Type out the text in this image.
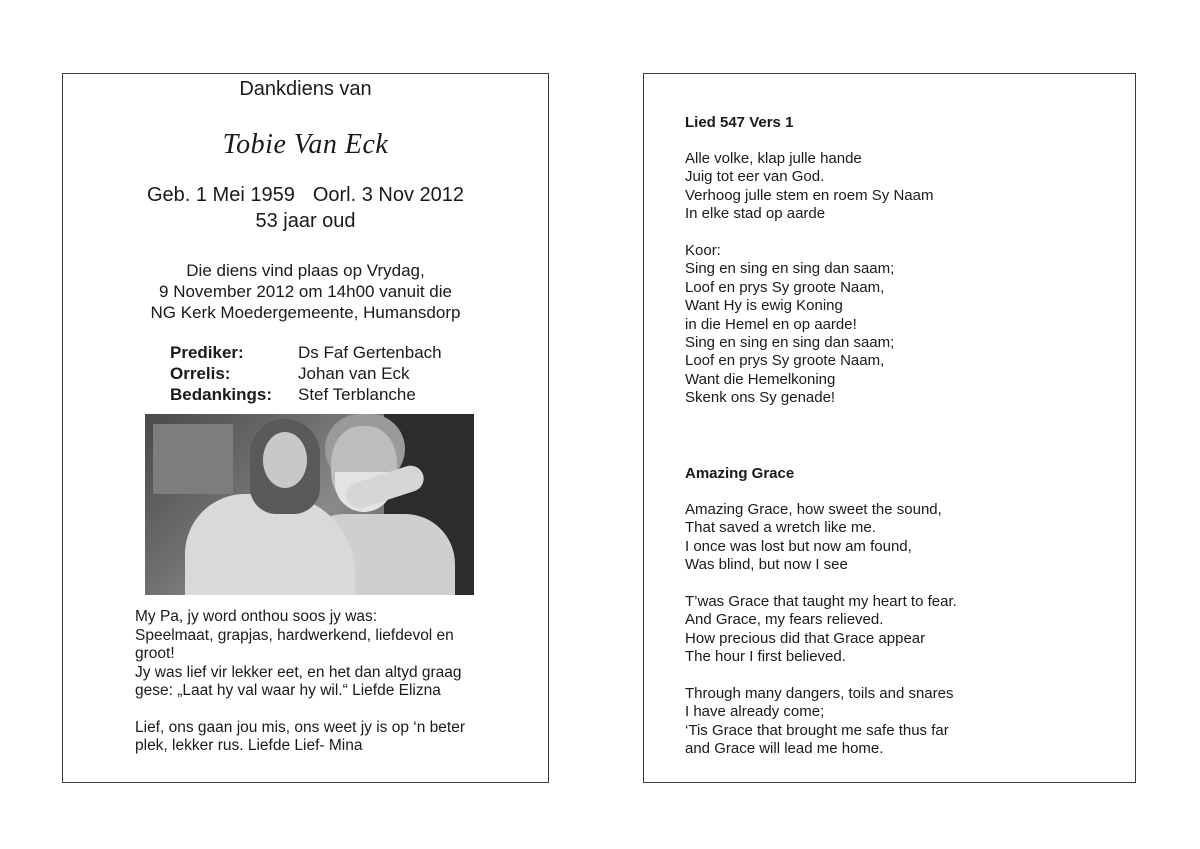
Dankdiens van
Tobie Van Eck
Geb. 1 Mei 1959 Oorl. 3 Nov 2012
53 jaar oud
Die diens vind plaas op Vrydag,
9 November 2012 om 14h00 vanuit die
NG Kerk Moedergemeente, Humansdorp
Prediker:	Ds Faf Gertenbach
Orrelis:	Johan van Eck
Bedankings:	Stef Terblanche

My Pa, jy word onthou soos jy was:
Speelmaat, grapjas, hardwerkend, liefdevol en
groot!
Jy was lief vir lekker eet, en het dan altyd graag
gese: „Laat hy val waar hy wil.“ Liefde Elizna

Lief, ons gaan jou mis, ons weet jy is op ‘n beter
plek, lekker rus. Liefde Lief- Mina

Lied 547 Vers 1

Alle volke, klap julle hande
Juig tot eer van God.
Verhoog julle stem en roem Sy Naam
In elke stad op aarde

Koor:
Sing en sing en sing dan saam;
Loof en prys Sy groote Naam,
Want Hy is ewig Koning
in die Hemel en op aarde!
Sing en sing en sing dan saam;
Loof en prys Sy groote Naam,
Want die Hemelkoning
Skenk ons Sy genade!

Amazing Grace

Amazing Grace, how sweet the sound,
That saved a wretch like me.
I once was lost but now am found,
Was blind, but now I see

T’was Grace that taught my heart to fear.
And Grace, my fears relieved.
How precious did that Grace appear
The hour I first believed.

Through many dangers, toils and snares
I have already come;
‘Tis Grace that brought me safe thus far
and Grace will lead me home.
